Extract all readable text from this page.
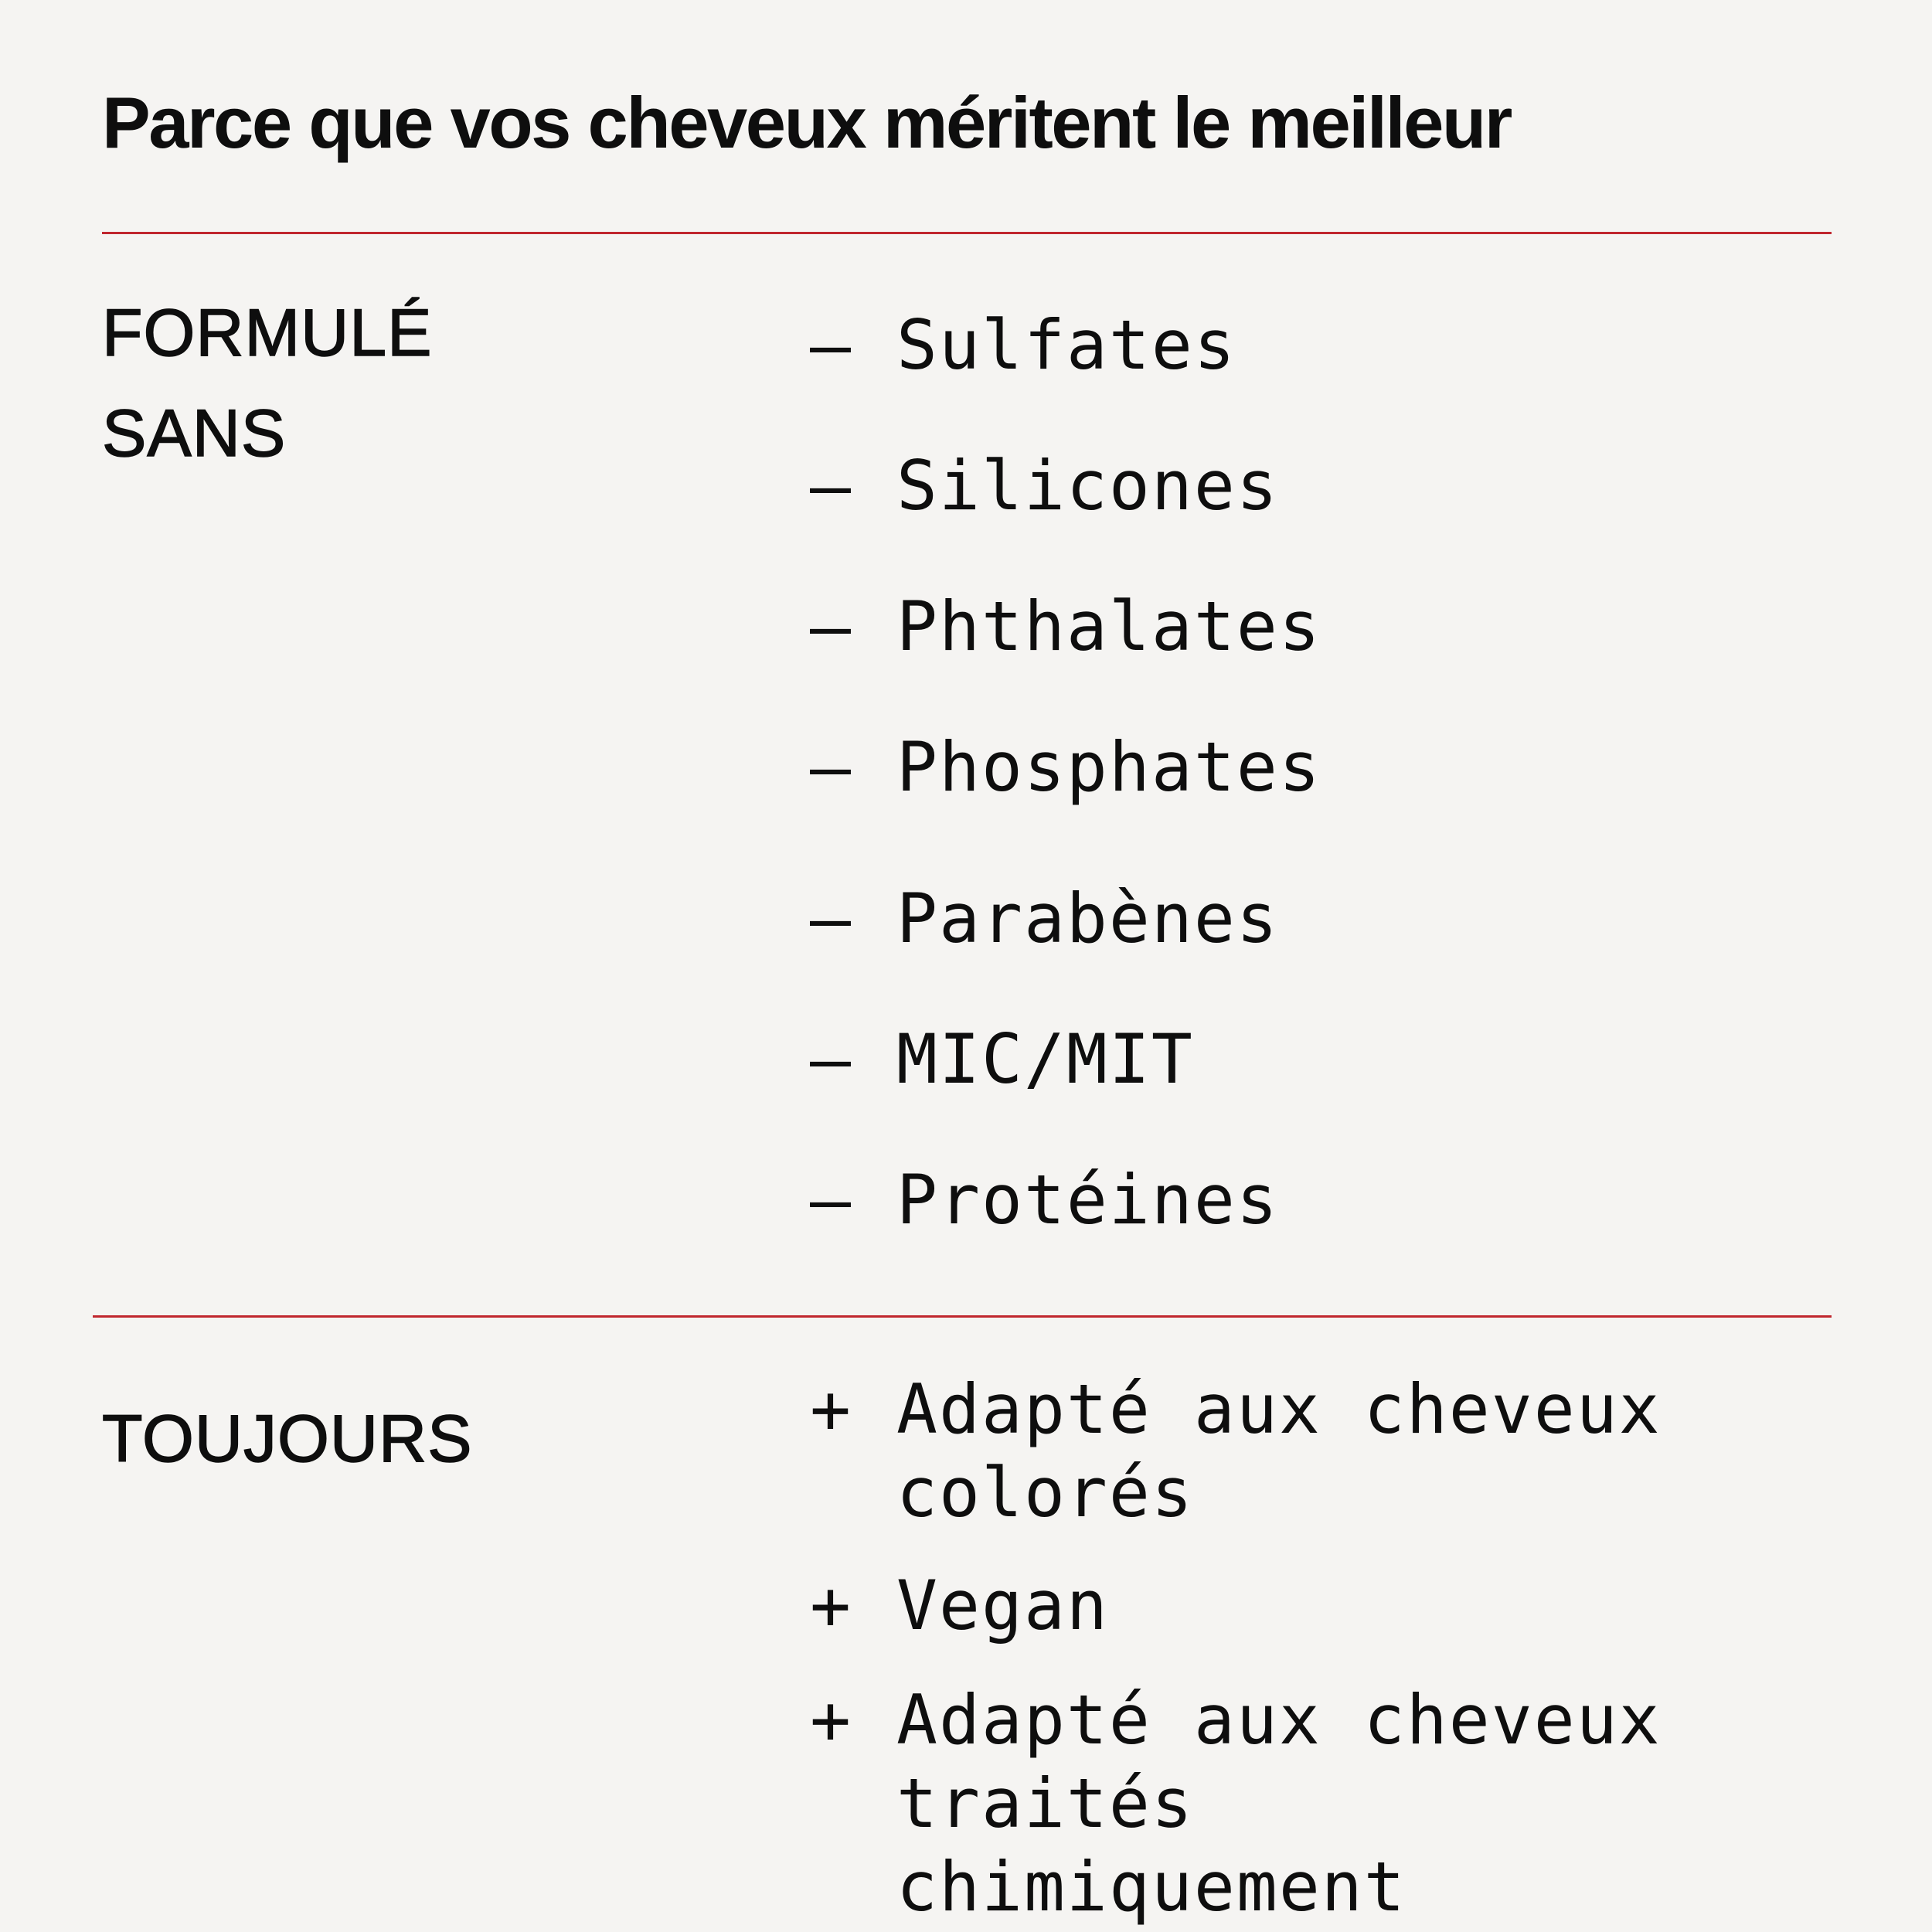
Parce que vos cheveux méritent le meilleur
FORMULÉ
SANS
— Sulfates
— Silicones
— Phthalates
— Phosphates
— Parabènes
— MIC/MIT
— Protéines
TOUJOURS	+ Adapté aux cheveux colorés
+ Vegan
+ Adapté aux cheveux traités chimiquement
